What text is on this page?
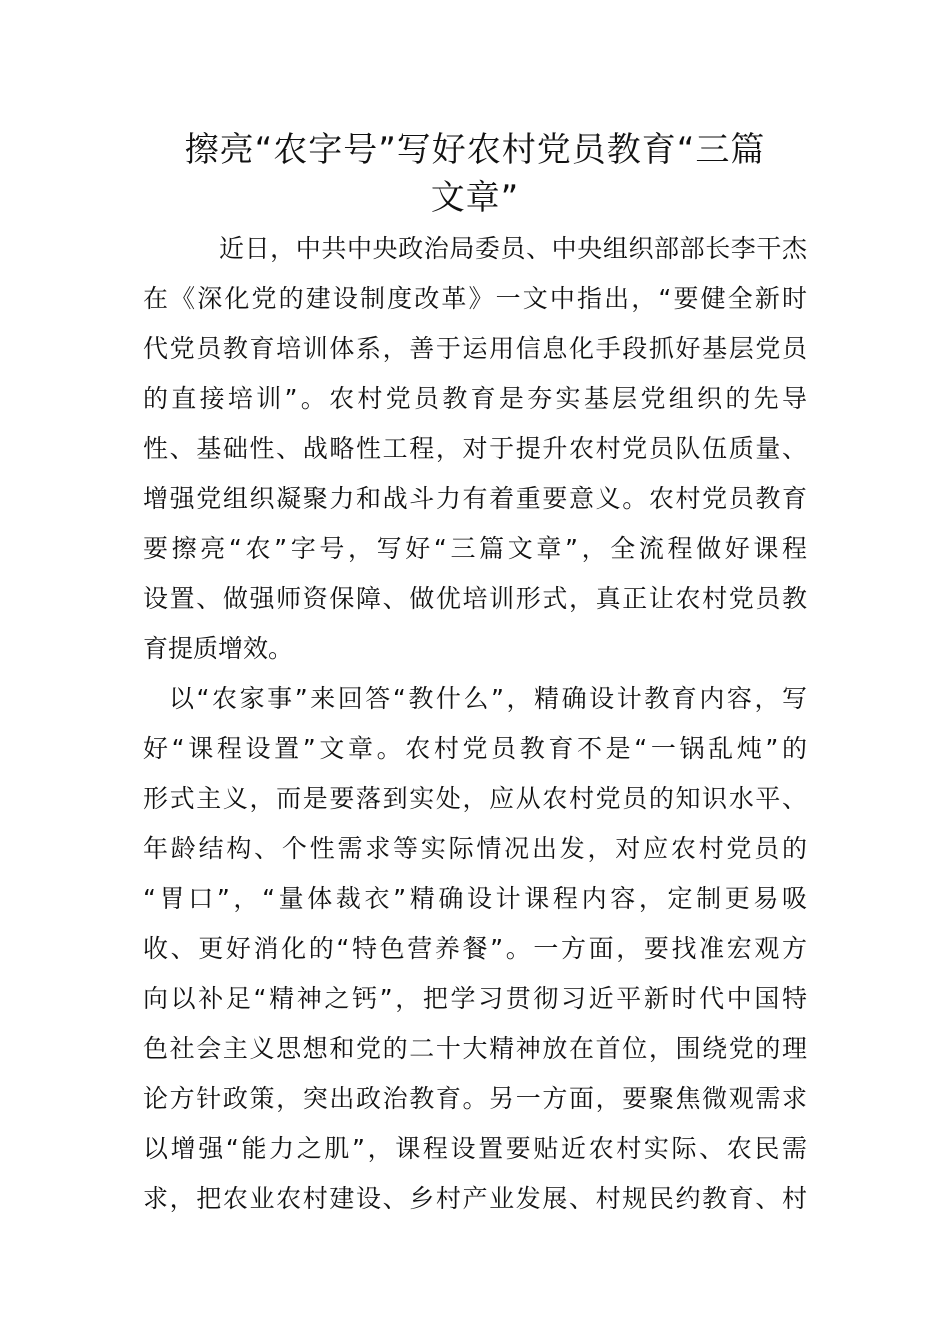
擦亮“农字号”写好农村党员教育“三篇
文章”
近日，中共中央政治局委员、中央组织部部长李干杰
在《深化党的建设制度改革》一文中指出，“要健全新时
代党员教育培训体系，善于运用信息化手段抓好基层党员
的直接培训”。农村党员教育是夯实基层党组织的先导
性、基础性、战略性工程，对于提升农村党员队伍质量、
增强党组织凝聚力和战斗力有着重要意义。农村党员教育
要擦亮“农”字号，写好“三篇文章”，全流程做好课程
设置、做强师资保障、做优培训形式，真正让农村党员教
育提质增效。
以“农家事”来回答“教什么”，精确设计教育内容，写
好“课程设置”文章。农村党员教育不是“一锅乱炖”的
形式主义，而是要落到实处，应从农村党员的知识水平、
年龄结构、个性需求等实际情况出发，对应农村党员的
“胃口”，“量体裁衣”精确设计课程内容，定制更易吸
收、更好消化的“特色营养餐”。一方面，要找准宏观方
向以补足“精神之钙”，把学习贯彻习近平新时代中国特
色社会主义思想和党的二十大精神放在首位，围绕党的理
论方针政策，突出政治教育。另一方面，要聚焦微观需求
以增强“能力之肌”，课程设置要贴近农村实际、农民需
求，把农业农村建设、乡村产业发展、村规民约教育、村
